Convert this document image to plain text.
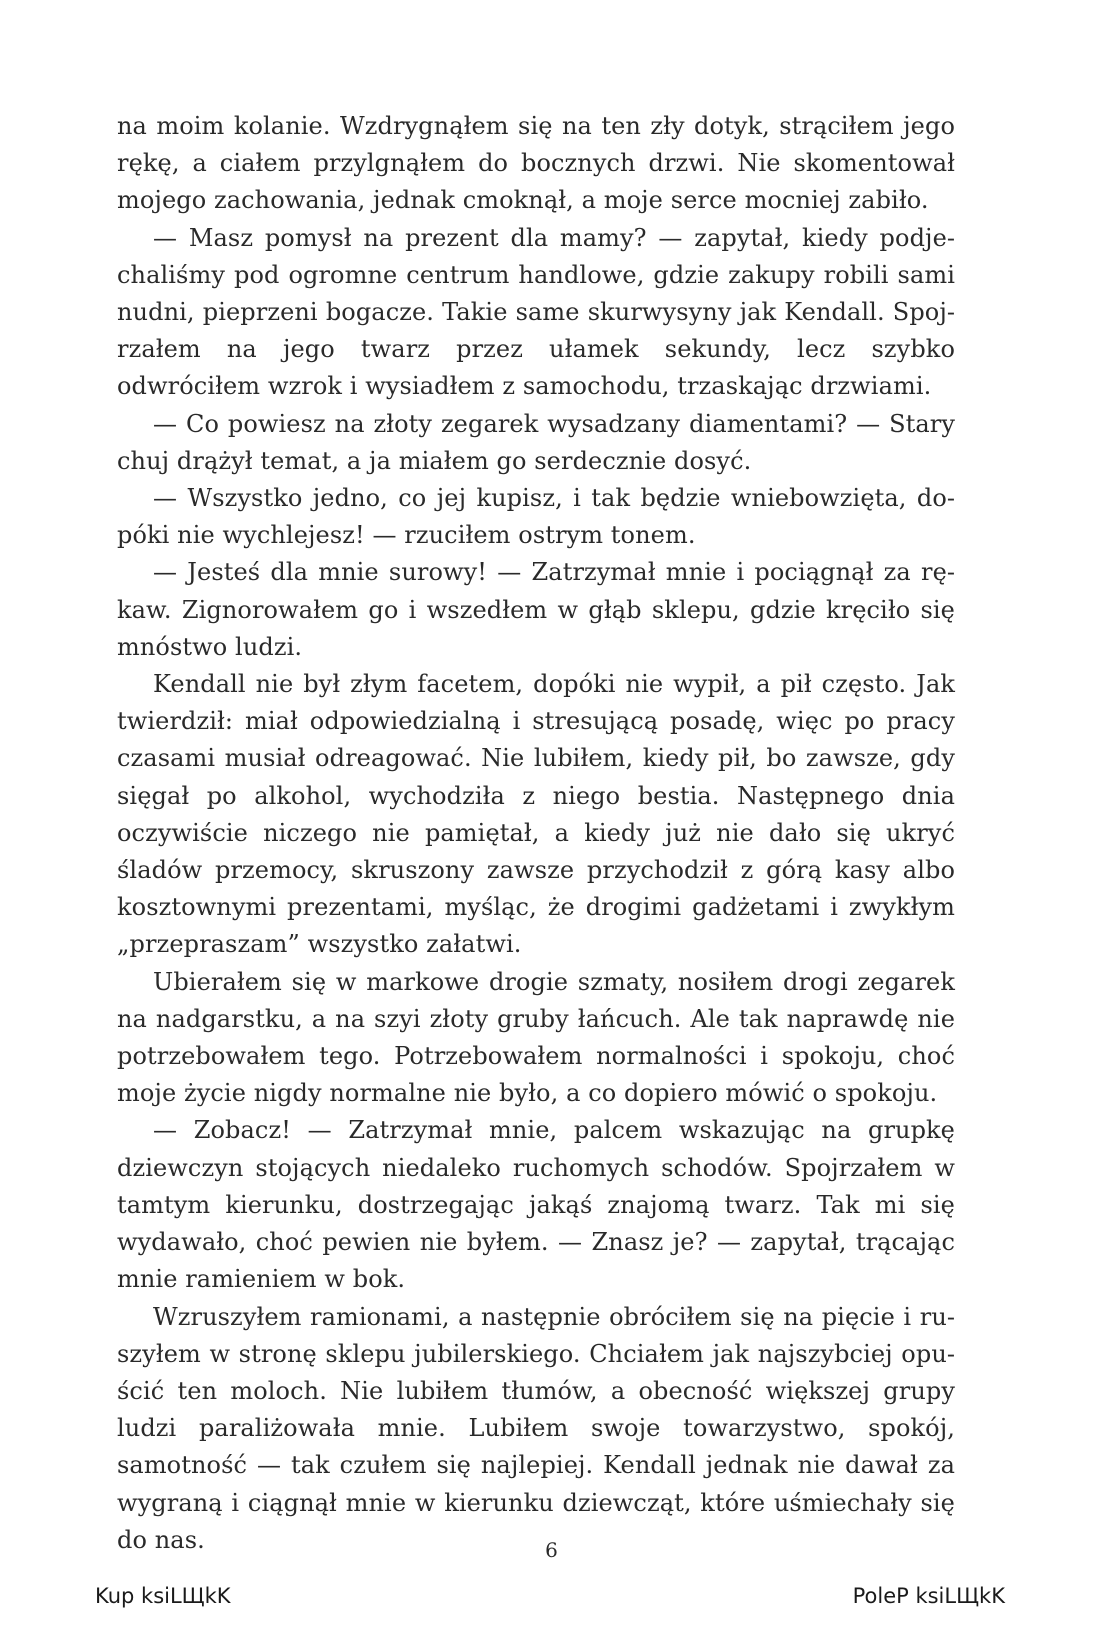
na moim kolanie. Wzdrygnąłem się na ten zły dotyk, strąciłem jego rękę, a ciałem przylgnąłem do bocznych drzwi. Nie skomentował mojego zachowania, jednak cmoknął, a moje serce mocniej zabiło.

— Masz pomysł na prezent dla mamy? — zapytał, kiedy podjechaliśmy pod ogromne centrum handlowe, gdzie zakupy robili sami nudni, pieprzeni bogacze. Takie same skurwysyny jak Kendall. Spojrzałem na jego twarz przez ułamek sekundy, lecz szybko odwróciłem wzrok i wysiadłem z samochodu, trzaskając drzwiami.

— Co powiesz na złoty zegarek wysadzany diamentami? — Stary chuj drążył temat, a ja miałem go serdecznie dosyć.

— Wszystko jedno, co jej kupisz, i tak będzie wniebowzięta, dopóki nie wychlejesz! — rzuciłem ostrym tonem.

— Jesteś dla mnie surowy! — Zatrzymał mnie i pociągnął za rękaw. Zignorowałem go i wszedłem w głąb sklepu, gdzie kręciło się mnóstwo ludzi.

Kendall nie był złym facetem, dopóki nie wypił, a pił często. Jak twierdził: miał odpowiedzialną i stresującą posadę, więc po pracy czasami musiał odreagować. Nie lubiłem, kiedy pił, bo zawsze, gdy sięgał po alkohol, wychodziła z niego bestia. Następnego dnia oczywiście niczego nie pamiętał, a kiedy już nie dało się ukryć śladów przemocy, skruszony zawsze przychodził z górą kasy albo kosztownymi prezentami, myśląc, że drogimi gadżetami i zwykłym „przepraszam” wszystko załatwi.

Ubierałem się w markowe drogie szmaty, nosiłem drogi zegarek na nadgarstku, a na szyi złoty gruby łańcuch. Ale tak naprawdę nie potrzebowałem tego. Potrzebowałem normalności i spokoju, choć moje życie nigdy normalne nie było, a co dopiero mówić o spokoju.

— Zobacz! — Zatrzymał mnie, palcem wskazując na grupkę dziewczyn stojących niedaleko ruchomych schodów. Spojrzałem w tamtym kierunku, dostrzegając jakąś znajomą twarz. Tak mi się wydawało, choć pewien nie byłem. — Znasz je? — zapytał, trącając mnie ramieniem w bok.

Wzruszyłem ramionami, a następnie obróciłem się na pięcie i ruszyłem w stronę sklepu jubilerskiego. Chciałem jak najszybciej opuścić ten moloch. Nie lubiłem tłumów, a obecność większej grupy ludzi paraliżowała mnie. Lubiłem swoje towarzystwo, spokój, samotność — tak czułem się najlepiej. Kendall jednak nie dawał za wygraną i ciągnął mnie w kierunku dziewcząt, które uśmiechały się do nas.	6
Kup ksiLЩkK	PoleP ksiLЩkK
